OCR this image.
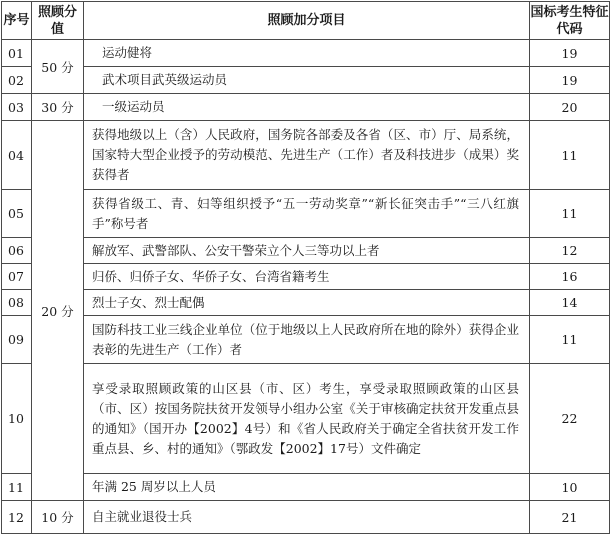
序号	照顾分值	照顾加分项目	国标考生特征代码
01	50 分	运动健将	19
02		武术项目武英级运动员	19
03	30 分	一级运动员	20
04	20 分	获得地级以上（含）人民政府，国务院各部委及各省（区、市）厅、局系统，国家特大型企业授予的劳动模范、先进生产（工作）者及科技进步（成果）奖获得者	11
05		获得省级工、青、妇等组织授予“五一劳动奖章”“新长征突击手”“三八红旗手”称号者	11
06		解放军、武警部队、公安干警荣立个人三等功以上者	12
07		归侨、归侨子女、华侨子女、台湾省籍考生	16
08		烈士子女、烈士配偶	14
09		国防科技工业三线企业单位（位于地级以上人民政府所在地的除外）获得企业表彰的先进生产（工作）者	11
10		享受录取照顾政策的山区县（市、区）考生，享受录取照顾政策的山区县（市、区）按国务院扶贫开发领导小组办公室《关于审核确定扶贫开发重点县的通知》（国开办【2002】4号）和《省人民政府关于确定全省扶贫开发工作重点县、乡、村的通知》（鄂政发【2002】17号）文件确定	22
11		年满 25 周岁以上人员	10
12	10 分	自主就业退役士兵	21
